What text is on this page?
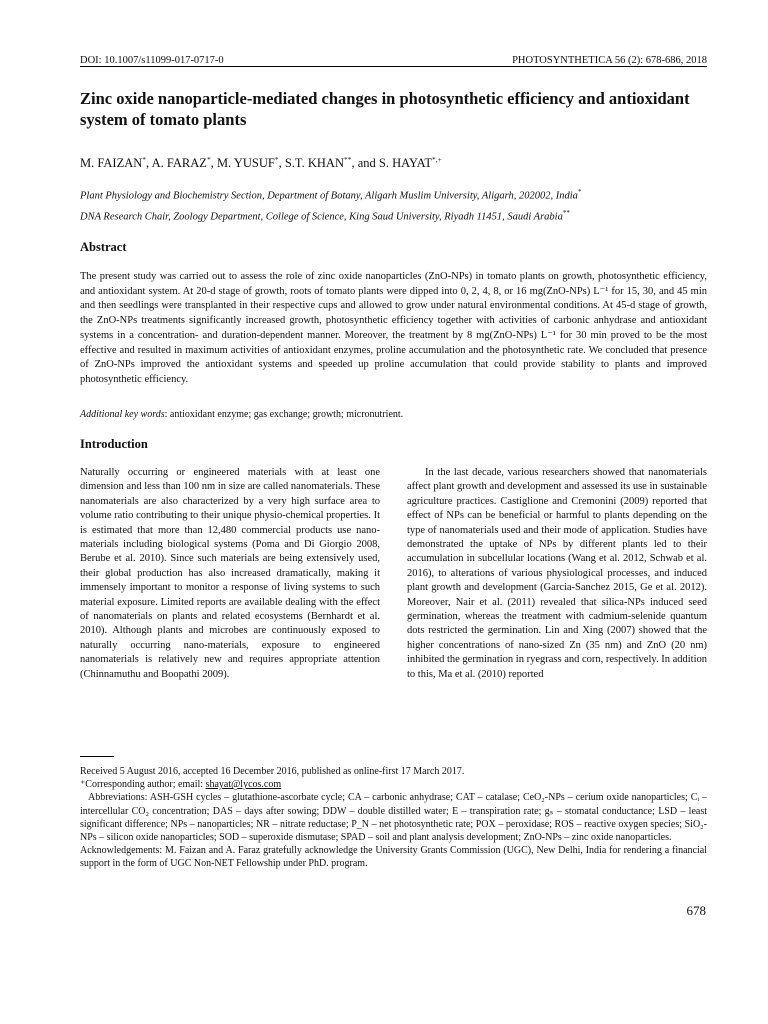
DOI: 10.1007/s11099-017-0717-0	PHOTOSYNTHETICA 56 (2): 678-686, 2018
Zinc oxide nanoparticle-mediated changes in photosynthetic efficiency and antioxidant system of tomato plants
M. FAIZAN*, A. FARAZ*, M. YUSUF*, S.T. KHAN**, and S. HAYAT*,+
Plant Physiology and Biochemistry Section, Department of Botany, Aligarh Muslim University, Aligarh, 202002, India*
DNA Research Chair, Zoology Department, College of Science, King Saud University, Riyadh 11451, Saudi Arabia**
Abstract

The present study was carried out to assess the role of zinc oxide nanoparticles (ZnO-NPs) in tomato plants on growth, photosynthetic efficiency, and antioxidant system. At 20-d stage of growth, roots of tomato plants were dipped into 0, 2, 4, 8, or 16 mg(ZnO-NPs) L⁻¹ for 15, 30, and 45 min and then seedlings were transplanted in their respective cups and allowed to grow under natural environmental conditions. At 45-d stage of growth, the ZnO-NPs treatments significantly increased growth, photosynthetic efficiency together with activities of carbonic anhydrase and antioxidant systems in a concentration- and duration-dependent manner. Moreover, the treatment by 8 mg(ZnO-NPs) L⁻¹ for 30 min proved to be the most effective and resulted in maximum activities of antioxidant enzymes, proline accumulation and the photosynthetic rate. We concluded that presence of ZnO-NPs improved the antioxidant systems and speeded up proline accumulation that could provide stability to plants and improved photosynthetic efficiency.

Additional key words: antioxidant enzyme; gas exchange; growth; micronutrient.
Introduction

Naturally occurring or engineered materials with at least one dimension and less than 100 nm in size are called nanomaterials. These nanomaterials are also characterized by a very high surface area to volume ratio contributing to their unique physio-chemical properties. It is estimated that more than 12,480 commercial products use nano-materials including biological systems (Poma and Di Giorgio 2008, Berube et al. 2010). Since such materials are being extensively used, their global production has also increased dramatically, making it immensely important to monitor a response of living systems to such material exposure. Limited reports are available dealing with the effect of nanomaterials on plants and related ecosystems (Bernhardt et al. 2010). Although plants and microbes are continuously exposed to naturally occurring nano-materials, exposure to engineered nanomaterials is relatively new and requires appropriate attention (Chinnamuthu and Boopathi 2009).

In the last decade, various researchers showed that nanomaterials affect plant growth and development and assessed its use in sustainable agriculture practices. Castiglione and Cremonini (2009) reported that effect of NPs can be beneficial or harmful to plants depending on the type of nanomaterials used and their mode of application. Studies have demonstrated the uptake of NPs by different plants led to their accumulation in subcellular locations (Wang et al. 2012, Schwab et al. 2016), to alterations of various physiological processes, and induced plant growth and development (Garcia-Sanchez 2015, Ge et al. 2012). Moreover, Nair et al. (2011) revealed that silica-NPs induced seed germination, whereas the treatment with cadmium-selenide quantum dots restricted the germination. Lin and Xing (2007) showed that the higher concentrations of nano-sized Zn (35 nm) and ZnO (20 nm) inhibited the germination in ryegrass and corn, respectively. In addition to this, Ma et al. (2010) reported

Received 5 August 2016, accepted 16 December 2016, published as online-first 17 March 2017.

⁺Corresponding author; email: shayat@lycos.com

Abbreviations: ASH-GSH cycles – glutathione-ascorbate cycle; CA – carbonic anhydrase; CAT – catalase; CeO₂-NPs – cerium oxide nanoparticles; Cᵢ – intercellular CO₂ concentration; DAS – days after sowing; DDW – double distilled water; E – transpiration rate; gₛ – stomatal conductance; LSD – least significant difference; NPs – nanoparticles; NR – nitrate reductase; P_N – net photosynthetic rate; POX – peroxidase; ROS – reactive oxygen species; SiO₂-NPs – silicon oxide nanoparticles; SOD – superoxide dismutase; SPAD – soil and plant analysis development; ZnO-NPs – zinc oxide nanoparticles.

Acknowledgements: M. Faizan and A. Faraz gratefully acknowledge the University Grants Commission (UGC), New Delhi, India for rendering a financial support in the form of UGC Non-NET Fellowship under PhD. program.

678
